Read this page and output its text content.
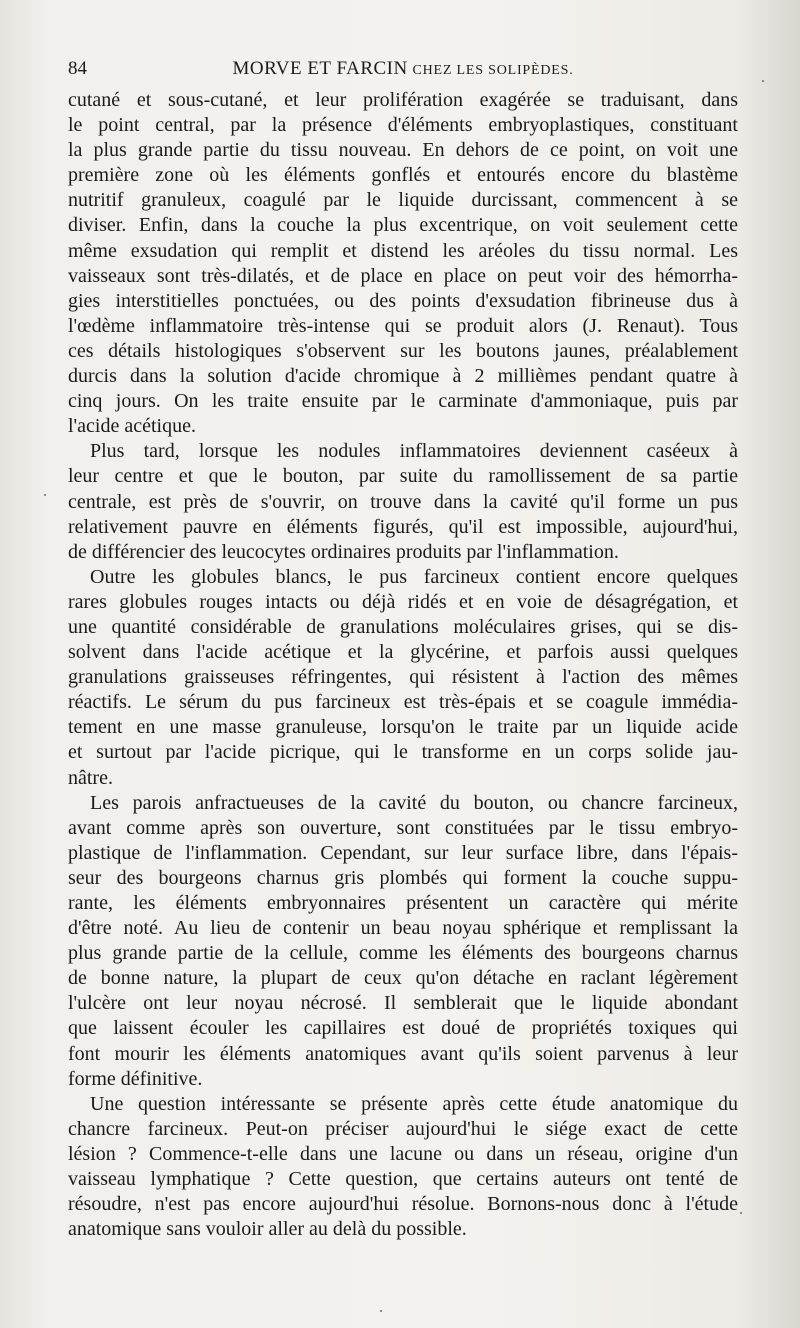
84	MORVE ET FARCIN CHEZ LES SOLIPÈDES.

cutané et sous-cutané, et leur prolifération exagérée se traduisant, dans
le point central, par la présence d'éléments embryoplastiques, constituant
la plus grande partie du tissu nouveau. En dehors de ce point, on voit une
première zone où les éléments gonflés et entourés encore du blastème
nutritif granuleux, coagulé par le liquide durcissant, commencent à se
diviser. Enfin, dans la couche la plus excentrique, on voit seulement cette
même exsudation qui remplit et distend les aréoles du tissu normal. Les
vaisseaux sont très-dilatés, et de place en place on peut voir des hémorrha-
gies interstitielles ponctuées, ou des points d'exsudation fibrineuse dus à
l'œdème inflammatoire très-intense qui se produit alors (J. Renaut). Tous
ces détails histologiques s'observent sur les boutons jaunes, préalablement
durcis dans la solution d'acide chromique à 2 millièmes pendant quatre à
cinq jours. On les traite ensuite par le carminate d'ammoniaque, puis par
l'acide acétique.

Plus tard, lorsque les nodules inflammatoires deviennent caséeux à
leur centre et que le bouton, par suite du ramollissement de sa partie
centrale, est près de s'ouvrir, on trouve dans la cavité qu'il forme un pus
relativement pauvre en éléments figurés, qu'il est impossible, aujourd'hui,
de différencier des leucocytes ordinaires produits par l'inflammation.

Outre les globules blancs, le pus farcineux contient encore quelques
rares globules rouges intacts ou déjà ridés et en voie de désagrégation, et
une quantité considérable de granulations moléculaires grises, qui se dis-
solvent dans l'acide acétique et la glycérine, et parfois aussi quelques
granulations graisseuses réfringentes, qui résistent à l'action des mêmes
réactifs. Le sérum du pus farcineux est très-épais et se coagule immédia-
tement en une masse granuleuse, lorsqu'on le traite par un liquide acide
et surtout par l'acide picrique, qui le transforme en un corps solide jau-
nâtre.

Les parois anfractueuses de la cavité du bouton, ou chancre farcineux,
avant comme après son ouverture, sont constituées par le tissu embryo-
plastique de l'inflammation. Cependant, sur leur surface libre, dans l'épais-
seur des bourgeons charnus gris plombés qui forment la couche suppu-
rante, les éléments embryonnaires présentent un caractère qui mérite
d'être noté. Au lieu de contenir un beau noyau sphérique et remplissant la
plus grande partie de la cellule, comme les éléments des bourgeons charnus
de bonne nature, la plupart de ceux qu'on détache en raclant légèrement
l'ulcère ont leur noyau nécrosé. Il semblerait que le liquide abondant
que laissent écouler les capillaires est doué de propriétés toxiques qui
font mourir les éléments anatomiques avant qu'ils soient parvenus à leur
forme définitive.

Une question intéressante se présente après cette étude anatomique du
chancre farcineux. Peut-on préciser aujourd'hui le siége exact de cette
lésion ? Commence-t-elle dans une lacune ou dans un réseau, origine d'un
vaisseau lymphatique ? Cette question, que certains auteurs ont tenté de
résoudre, n'est pas encore aujourd'hui résolue. Bornons-nous donc à l'étude
anatomique sans vouloir aller au delà du possible.
